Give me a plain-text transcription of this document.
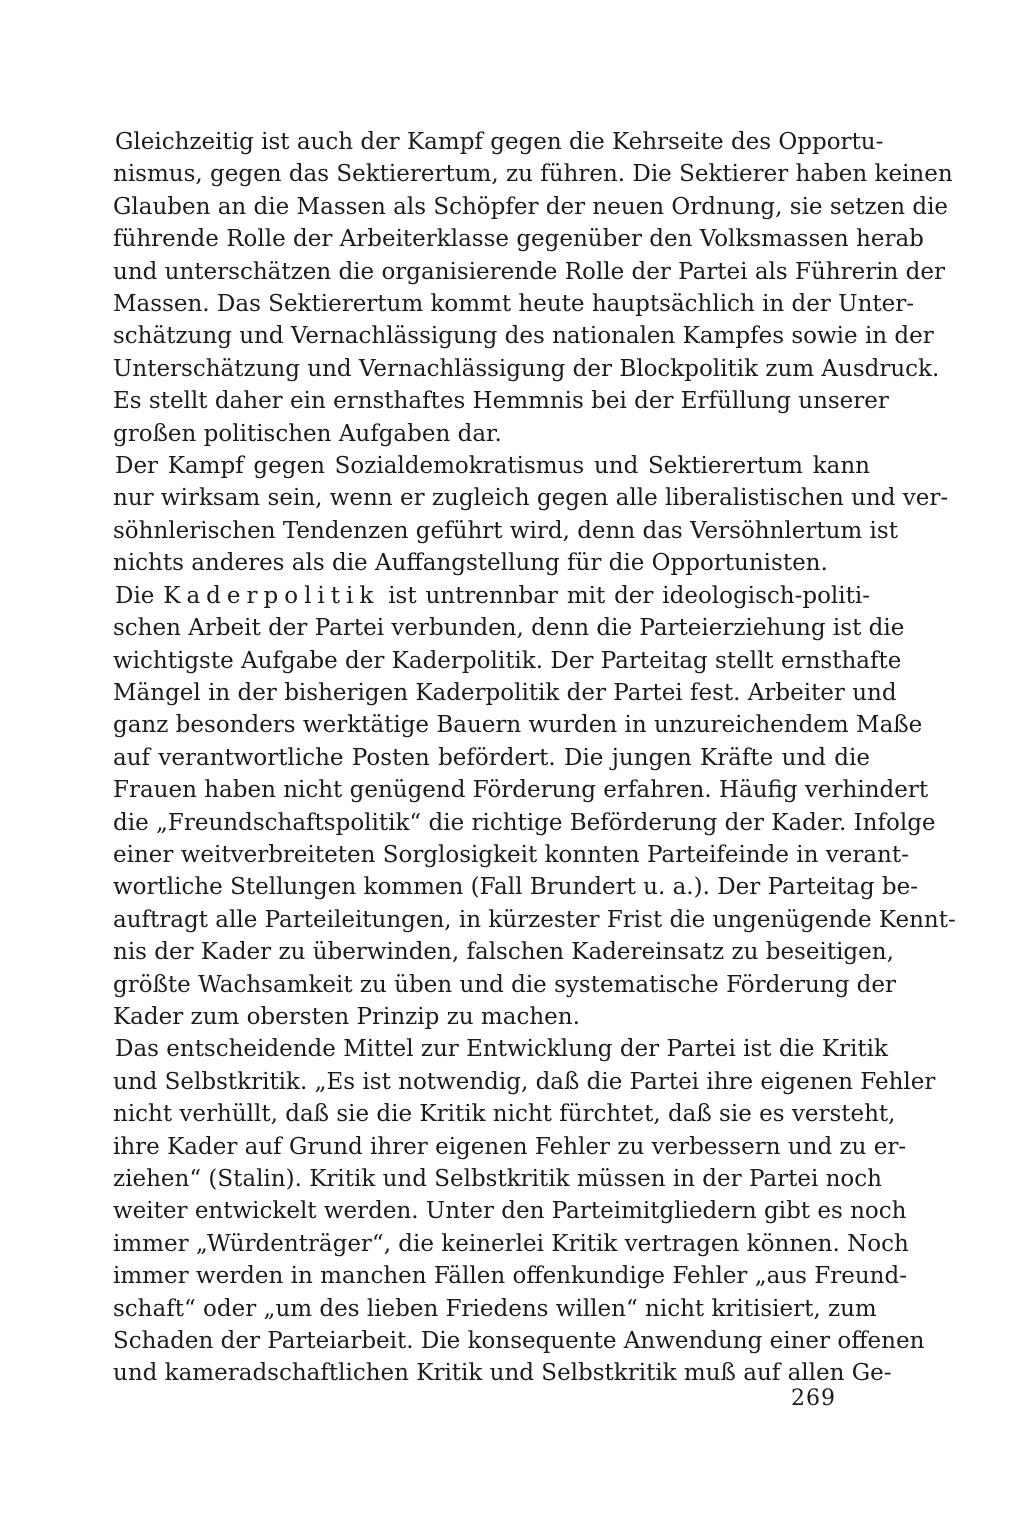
Gleichzeitig ist auch der Kampf gegen die Kehrseite des Opportu-
nismus, gegen das Sektierertum, zu führen. Die Sektierer haben keinen
Glauben an die Massen als Schöpfer der neuen Ordnung, sie setzen die
führende Rolle der Arbeiterklasse gegenüber den Volksmassen herab
und unterschätzen die organisierende Rolle der Partei als Führerin der
Massen. Das Sektierertum kommt heute hauptsächlich in der Unter-
schätzung und Vernachlässigung des nationalen Kampfes sowie in der
Unterschätzung und Vernachlässigung der Blockpolitik zum Ausdruck.
Es stellt daher ein ernsthaftes Hemmnis bei der Erfüllung unserer
großen politischen Aufgaben dar.
Der Kampf gegen Sozialdemokratismus und Sektierertum kann
nur wirksam sein, wenn er zugleich gegen alle liberalistischen und ver-
söhnlerischen Tendenzen geführt wird, denn das Versöhnlertum ist
nichts anderes als die Auffangstellung für die Opportunisten.
Die Kaderpolitik ist untrennbar mit der ideologisch-politi-
schen Arbeit der Partei verbunden, denn die Parteierziehung ist die
wichtigste Aufgabe der Kaderpolitik. Der Parteitag stellt ernsthafte
Mängel in der bisherigen Kaderpolitik der Partei fest. Arbeiter und
ganz besonders werktätige Bauern wurden in unzureichendem Maße
auf verantwortliche Posten befördert. Die jungen Kräfte und die
Frauen haben nicht genügend Förderung erfahren. Häufig verhindert
die „Freundschaftspolitik“ die richtige Beförderung der Kader. Infolge
einer weitverbreiteten Sorglosigkeit konnten Parteifeinde in verant-
wortliche Stellungen kommen (Fall Brundert u. a.). Der Parteitag be-
auftragt alle Parteileitungen, in kürzester Frist die ungenügende Kennt-
nis der Kader zu überwinden, falschen Kadereinsatz zu beseitigen,
größte Wachsamkeit zu üben und die systematische Förderung der
Kader zum obersten Prinzip zu machen.
Das entscheidende Mittel zur Entwicklung der Partei ist die Kritik
und Selbstkritik. „Es ist notwendig, daß die Partei ihre eigenen Fehler
nicht verhüllt, daß sie die Kritik nicht fürchtet, daß sie es versteht,
ihre Kader auf Grund ihrer eigenen Fehler zu verbessern und zu er-
ziehen“ (Stalin). Kritik und Selbstkritik müssen in der Partei noch
weiter entwickelt werden. Unter den Parteimitgliedern gibt es noch
immer „Würdenträger“, die keinerlei Kritik vertragen können. Noch
immer werden in manchen Fällen offenkundige Fehler „aus Freund-
schaft“ oder „um des lieben Friedens willen“ nicht kritisiert, zum
Schaden der Parteiarbeit. Die konsequente Anwendung einer offenen
und kameradschaftlichen Kritik und Selbstkritik muß auf allen Ge-
269
